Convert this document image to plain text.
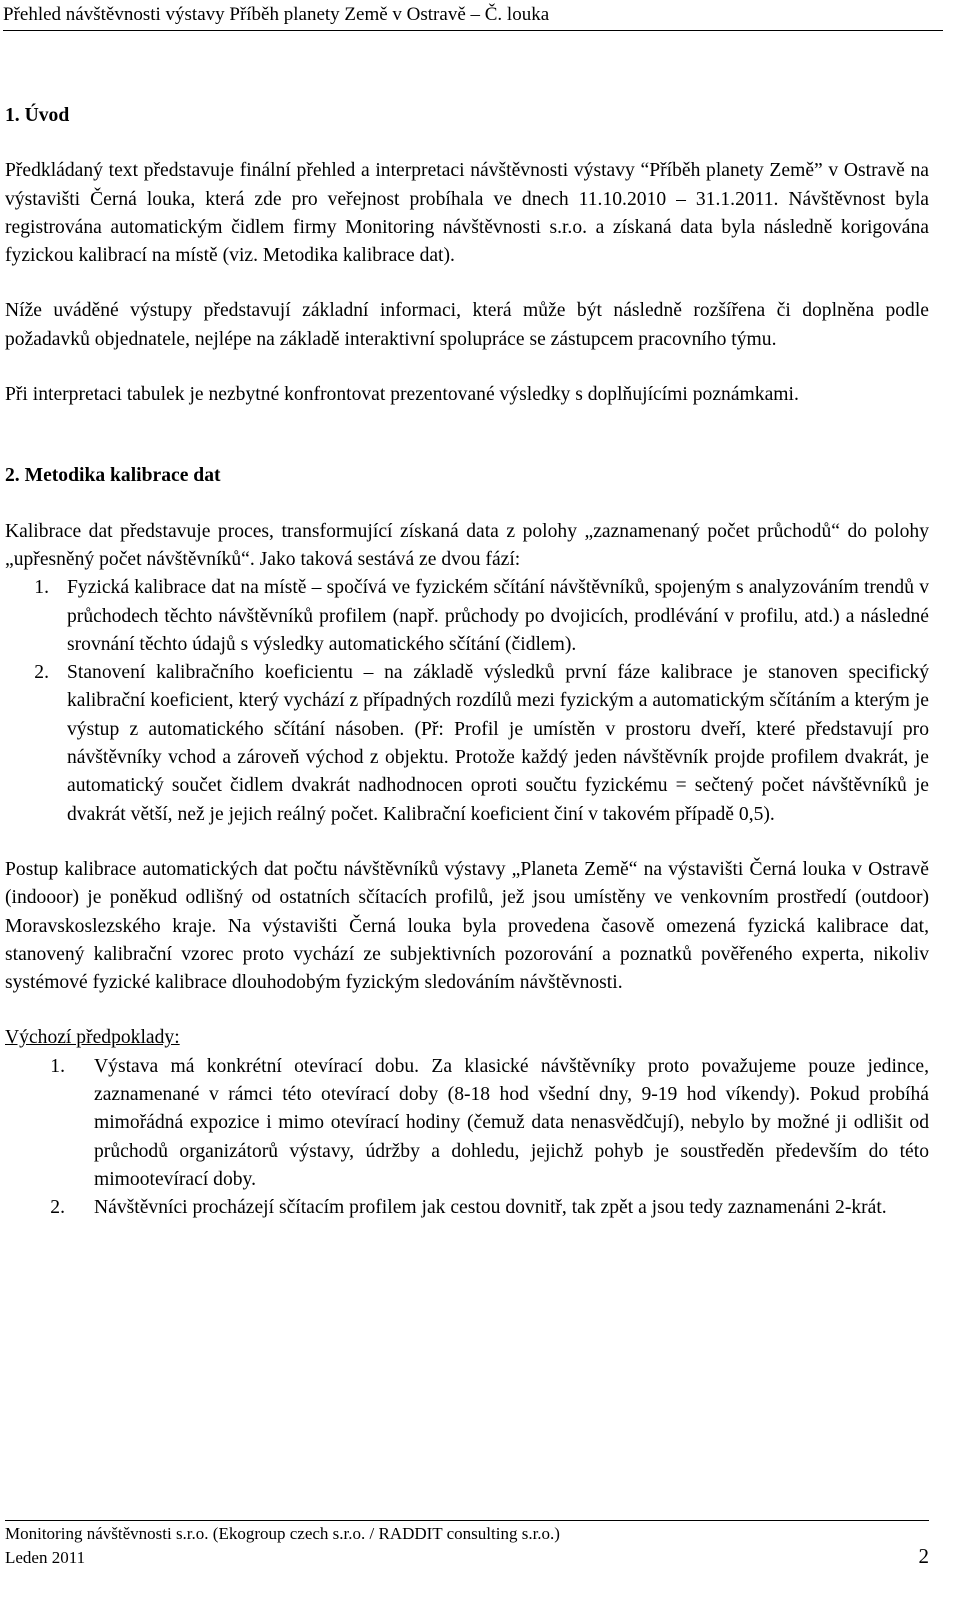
Přehled návštěvnosti výstavy Příběh planety Země v Ostravě – Č. louka
1. Úvod

Předkládaný text představuje finální přehled a interpretaci návštěvnosti výstavy “Příběh planety Země” v Ostravě na výstavišti Černá louka, která zde pro veřejnost probíhala ve dnech 11.10.2010 – 31.1.2011. Návštěvnost byla registrována automatickým čidlem firmy Monitoring návštěvnosti s.r.o. a získaná data byla následně korigována fyzickou kalibrací na místě (viz. Metodika kalibrace dat).

Níže uváděné výstupy představují základní informaci, která může být následně rozšířena či doplněna podle požadavků objednatele, nejlépe na základě interaktivní spolupráce se zástupcem pracovního týmu.

Při interpretaci tabulek je nezbytné konfrontovat prezentované výsledky s doplňujícími poznámkami.

2. Metodika kalibrace dat

Kalibrace dat představuje proces, transformující získaná data z polohy „zaznamenaný počet průchodů“ do polohy „upřesněný počet návštěvníků“. Jako taková sestává ze dvou fází:

1. Fyzická kalibrace dat na místě – spočívá ve fyzickém sčítání návštěvníků, spojeným s analyzováním trendů v průchodech těchto návštěvníků profilem (např. průchody po dvojicích, prodlévání v profilu, atd.) a následné srovnání těchto údajů s výsledky automatického sčítání (čidlem).
2. Stanovení kalibračního koeficientu – na základě výsledků první fáze kalibrace je stanoven specifický kalibrační koeficient, který vychází z případných rozdílů mezi fyzickým a automatickým sčítáním a kterým je výstup z automatického sčítání násoben. (Př: Profil je umístěn v prostoru dveří, které představují pro návštěvníky vchod a zároveň východ z objektu. Protože každý jeden návštěvník projde profilem dvakrát, je automatický součet čidlem dvakrát nadhodnocen oproti součtu fyzickému = sečtený počet návštěvníků je dvakrát větší, než je jejich reálný počet. Kalibrační koeficient činí v takovém případě 0,5).

Postup kalibrace automatických dat počtu návštěvníků výstavy „Planeta Země“ na výstavišti Černá louka v Ostravě (indooor) je poněkud odlišný od ostatních sčítacích profilů, jež jsou umístěny ve venkovním prostředí (outdoor) Moravskoslezského kraje. Na výstavišti Černá louka byla provedena časově omezená fyzická kalibrace dat, stanovený kalibrační vzorec proto vychází ze subjektivních pozorování a poznatků pověřeného experta, nikoliv systémové fyzické kalibrace dlouhodobým fyzickým sledováním návštěvnosti.

Výchozí předpoklady:

1.	Výstava má konkrétní otevírací dobu. Za klasické návštěvníky proto považujeme pouze jedince, zaznamenané v rámci této otevírací doby (8-18 hod všední dny, 9-19 hod víkendy). Pokud probíhá mimořádná expozice i mimo otevírací hodiny (čemuž data nenasvědčují), nebylo by možné ji odlišit od průchodů organizátorů výstavy, údržby a dohledu, jejichž pohyb je soustředěn především do této mimootevírací doby.
2.	Návštěvníci procházejí sčítacím profilem jak cestou dovnitř, tak zpět a jsou tedy zaznamenáni 2-krát.
Monitoring návštěvnosti s.r.o. (Ekogroup czech s.r.o. / RADDIT consulting s.r.o.)
Leden 2011	2
